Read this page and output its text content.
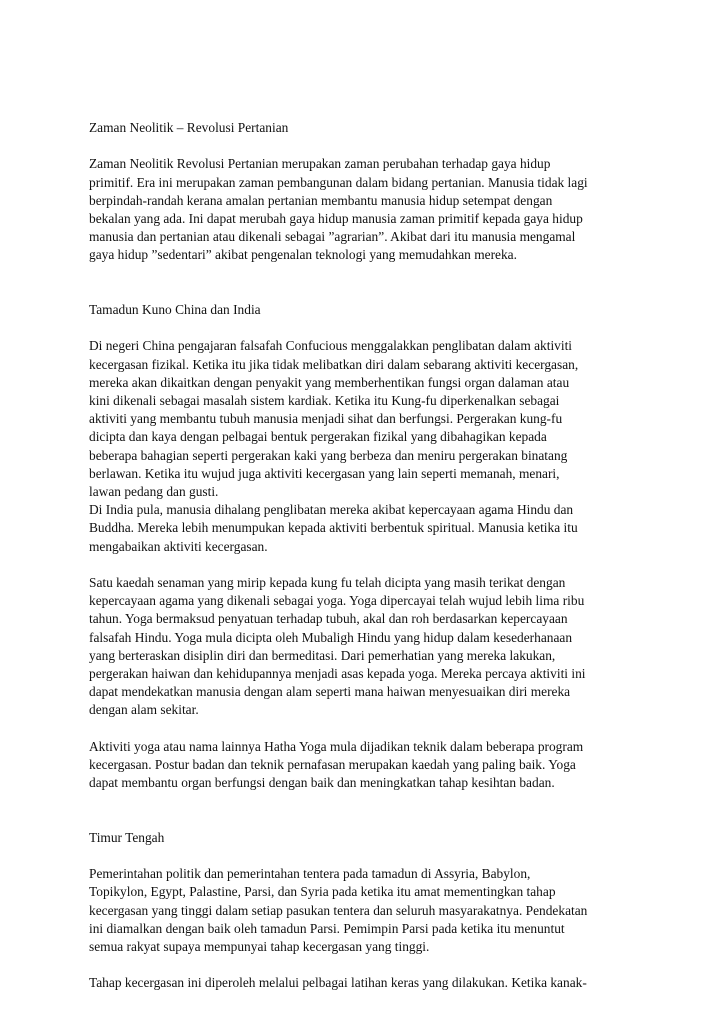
Zaman Neolitik – Revolusi Pertanian

Zaman Neolitik Revolusi Pertanian merupakan zaman perubahan terhadap gaya hidup
primitif. Era ini merupakan zaman pembangunan dalam bidang pertanian. Manusia tidak lagi
berpindah-randah kerana amalan pertanian membantu manusia hidup setempat dengan
bekalan yang ada. Ini dapat merubah gaya hidup manusia zaman primitif kepada gaya hidup
manusia dan pertanian atau dikenali sebagai ”agrarian”. Akibat dari itu manusia mengamal
gaya hidup ”sedentari” akibat pengenalan teknologi yang memudahkan mereka.

Tamadun Kuno China dan India

Di negeri China pengajaran falsafah Confucious menggalakkan penglibatan dalam aktiviti
kecergasan fizikal. Ketika itu jika tidak melibatkan diri dalam sebarang aktiviti kecergasan,
mereka akan dikaitkan dengan penyakit yang memberhentikan fungsi organ dalaman atau
kini dikenali sebagai masalah sistem kardiak. Ketika itu Kung-fu diperkenalkan sebagai
aktiviti yang membantu tubuh manusia menjadi sihat dan berfungsi. Pergerakan kung-fu
dicipta dan kaya dengan pelbagai bentuk pergerakan fizikal yang dibahagikan kepada
beberapa bahagian seperti pergerakan kaki yang berbeza dan meniru pergerakan binatang
berlawan. Ketika itu wujud juga aktiviti kecergasan yang lain seperti memanah, menari,
lawan pedang dan gusti.
Di India pula, manusia dihalang penglibatan mereka akibat kepercayaan agama Hindu dan
Buddha. Mereka lebih menumpukan kepada aktiviti berbentuk spiritual. Manusia ketika itu
mengabaikan aktiviti kecergasan.

Satu kaedah senaman yang mirip kepada kung fu telah dicipta yang masih terikat dengan
kepercayaan agama yang dikenali sebagai yoga. Yoga dipercayai telah wujud lebih lima ribu
tahun. Yoga bermaksud penyatuan terhadap tubuh, akal dan roh berdasarkan kepercayaan
falsafah Hindu. Yoga mula dicipta oleh Mubaligh Hindu yang hidup dalam kesederhanaan
yang berteraskan disiplin diri dan bermeditasi. Dari pemerhatian yang mereka lakukan,
pergerakan haiwan dan kehidupannya menjadi asas kepada yoga. Mereka percaya aktiviti ini
dapat mendekatkan manusia dengan alam seperti mana haiwan menyesuaikan diri mereka
dengan alam sekitar.

Aktiviti yoga atau nama lainnya Hatha Yoga mula dijadikan teknik dalam beberapa program
kecergasan. Postur badan dan teknik pernafasan merupakan kaedah yang paling baik. Yoga
dapat membantu organ berfungsi dengan baik dan meningkatkan tahap kesihtan badan.

Timur Tengah

Pemerintahan politik dan pemerintahan tentera pada tamadun di Assyria, Babylon,
Topikylon, Egypt, Palastine, Parsi, dan Syria pada ketika itu amat mementingkan tahap
kecergasan yang tinggi dalam setiap pasukan tentera dan seluruh masyarakatnya. Pendekatan
ini diamalkan dengan baik oleh tamadun Parsi. Pemimpin Parsi pada ketika itu menuntut
semua rakyat supaya mempunyai tahap kecergasan yang tinggi.

Tahap kecergasan ini diperoleh melalui pelbagai latihan keras yang dilakukan. Ketika kanak-
